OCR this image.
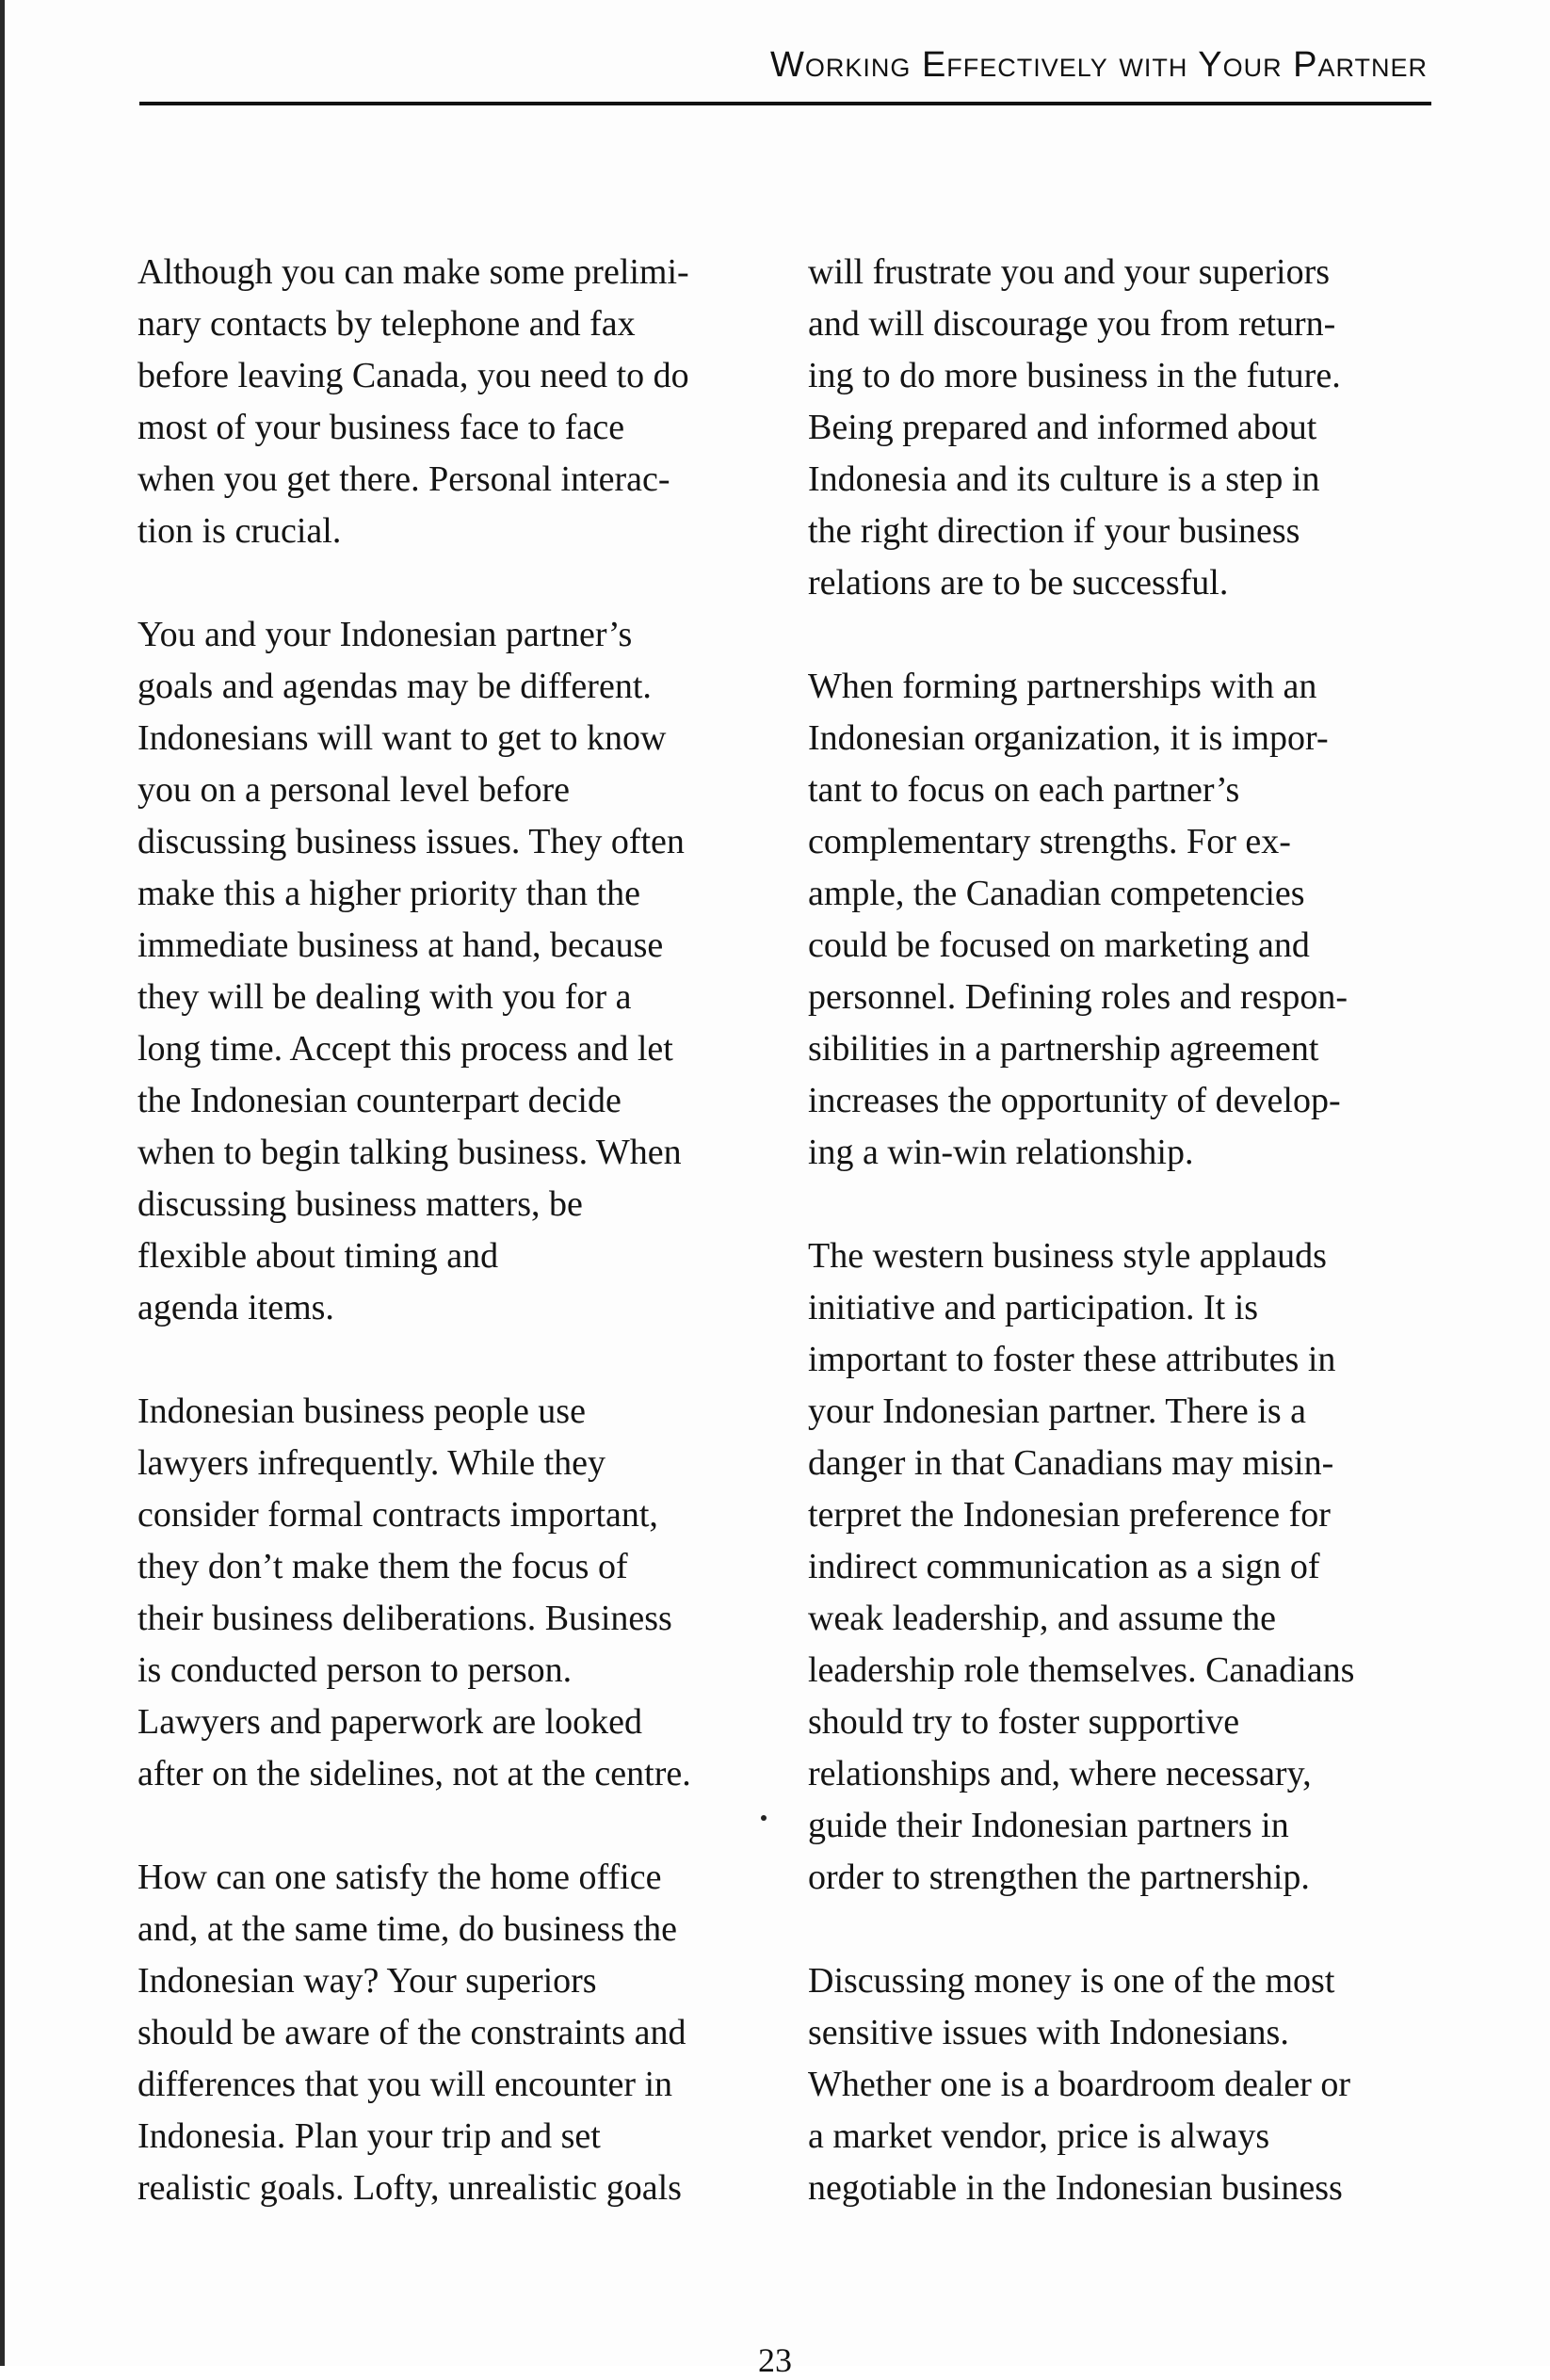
Working Effectively with Your Partner

Although you can make some prelimi-
nary contacts by telephone and fax
before leaving Canada, you need to do
most of your business face to face
when you get there. Personal interac-
tion is crucial.

You and your Indonesian partner’s
goals and agendas may be different.
Indonesians will want to get to know
you on a personal level before
discussing business issues. They often
make this a higher priority than the
immediate business at hand, because
they will be dealing with you for a
long time. Accept this process and let
the Indonesian counterpart decide
when to begin talking business. When
discussing business matters, be
flexible about timing and
agenda items.

Indonesian business people use
lawyers infrequently. While they
consider formal contracts important,
they don’t make them the focus of
their business deliberations. Business
is conducted person to person.
Lawyers and paperwork are looked
after on the sidelines, not at the centre.

How can one satisfy the home office
and, at the same time, do business the
Indonesian way? Your superiors
should be aware of the constraints and
differences that you will encounter in
Indonesia. Plan your trip and set
realistic goals. Lofty, unrealistic goals

will frustrate you and your superiors
and will discourage you from return-
ing to do more business in the future.
Being prepared and informed about
Indonesia and its culture is a step in
the right direction if your business
relations are to be successful.

When forming partnerships with an
Indonesian organization, it is impor-
tant to focus on each partner’s
complementary strengths. For ex-
ample, the Canadian competencies
could be focused on marketing and
personnel. Defining roles and respon-
sibilities in a partnership agreement
increases the opportunity of develop-
ing a win-win relationship.

The western business style applauds
initiative and participation. It is
important to foster these attributes in
your Indonesian partner. There is a
danger in that Canadians may misin-
terpret the Indonesian preference for
indirect communication as a sign of
weak leadership, and assume the
leadership role themselves. Canadians
should try to foster supportive
relationships and, where necessary,
guide their Indonesian partners in
order to strengthen the partnership.

Discussing money is one of the most
sensitive issues with Indonesians.
Whether one is a boardroom dealer or
a market vendor, price is always
negotiable in the Indonesian business

23
